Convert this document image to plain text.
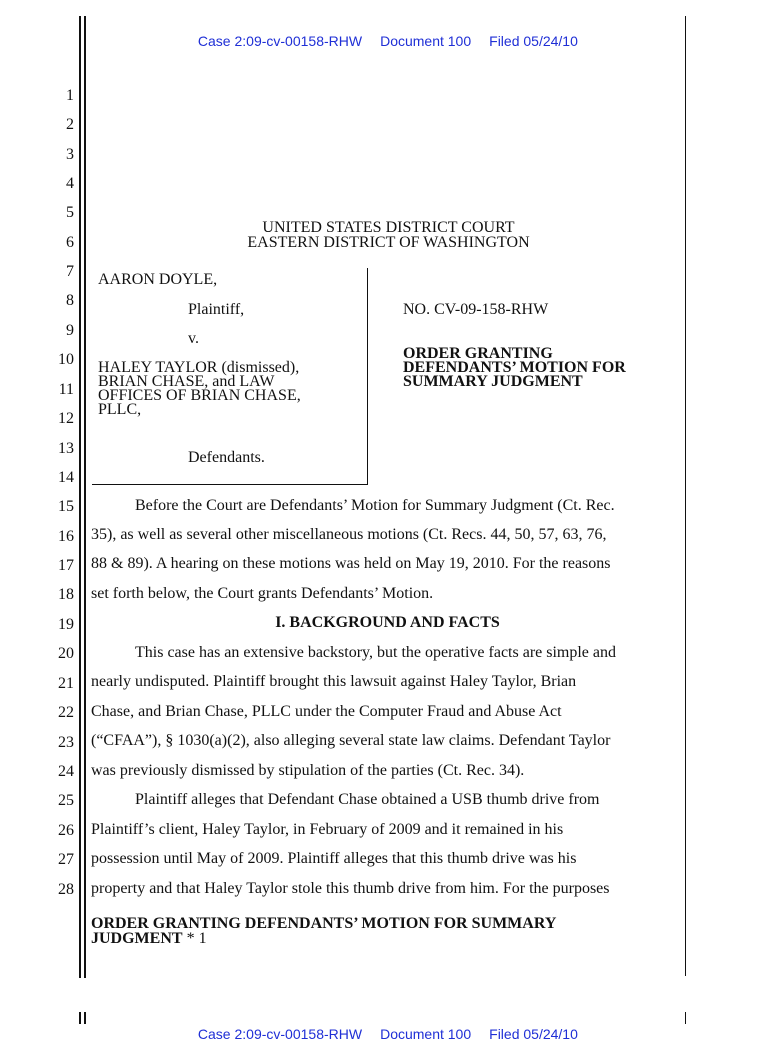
Case 2:09-cv-00158-RHW Document 100 Filed 05/24/10

1
2
3
4
5
6
7
8
9
10
11
12
13
14
15
16
17
18
19
20
21
22
23
24
25
26
27
28
UNITED STATES DISTRICT COURT
EASTERN DISTRICT OF WASHINGTON
AARON DOYLE,
Plaintiff,
v.
HALEY TAYLOR (dismissed),
BRIAN CHASE, and LAW
OFFICES OF BRIAN CHASE,
PLLC,
Defendants.
NO. CV-09-158-RHW
ORDER GRANTING
DEFENDANTS’ MOTION FOR
SUMMARY JUDGMENT
Before the Court are Defendants’ Motion for Summary Judgment (Ct. Rec.
35), as well as several other miscellaneous motions (Ct. Recs. 44, 50, 57, 63, 76,
88 & 89). A hearing on these motions was held on May 19, 2010. For the reasons
set forth below, the Court grants Defendants’ Motion.
I. BACKGROUND AND FACTS
This case has an extensive backstory, but the operative facts are simple and
nearly undisputed. Plaintiff brought this lawsuit against Haley Taylor, Brian
Chase, and Brian Chase, PLLC under the Computer Fraud and Abuse Act
(“CFAA”), § 1030(a)(2), also alleging several state law claims. Defendant Taylor
was previously dismissed by stipulation of the parties (Ct. Rec. 34).
Plaintiff alleges that Defendant Chase obtained a USB thumb drive from
Plaintiff’s client, Haley Taylor, in February of 2009 and it remained in his
possession until May of 2009. Plaintiff alleges that this thumb drive was his
property and that Haley Taylor stole this thumb drive from him. For the purposes
ORDER GRANTING DEFENDANTS’ MOTION FOR SUMMARY
JUDGMENT * 1

Case 2:09-cv-00158-RHW Document 100 Filed 05/24/10
